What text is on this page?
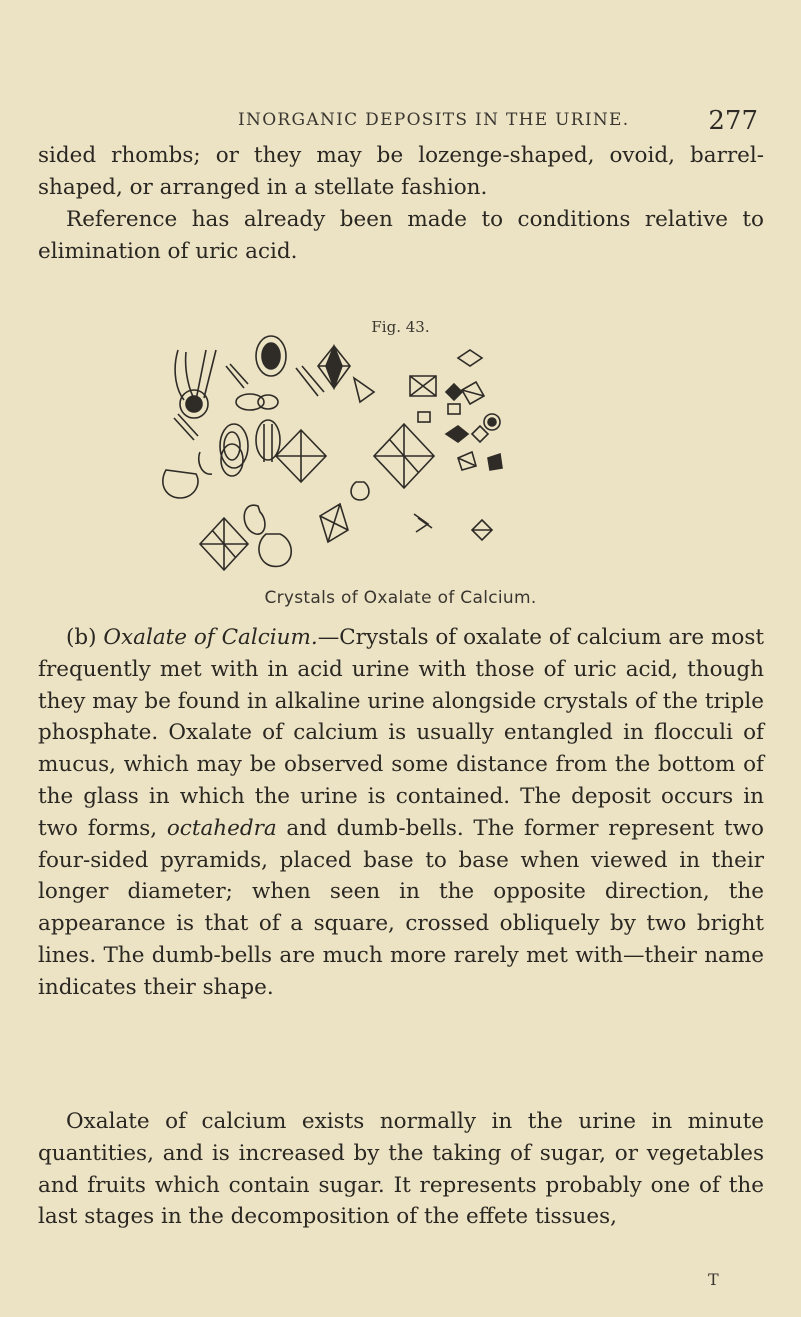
INORGANIC DEPOSITS IN THE URINE.	277

sided rhombs; or they may be lozenge-shaped, ovoid, barrel-shaped, or arranged in a stellate fashion.

Reference has already been made to conditions relative to elimination of uric acid.

Fig. 43.
Crystals of Oxalate of Calcium.

(b) Oxalate of Calcium.—Crystals of oxalate of calcium are most frequently met with in acid urine with those of uric acid, though they may be found in alkaline urine alongside crystals of the triple phosphate. Oxalate of calcium is usually entangled in flocculi of mucus, which may be observed some distance from the bottom of the glass in which the urine is contained. The deposit occurs in two forms, octahedra and dumb-bells. The former represent two four-sided pyramids, placed base to base when viewed in their longer diameter; when seen in the opposite direction, the appearance is that of a square, crossed obliquely by two bright lines. The dumb-bells are much more rarely met with—their name indicates their shape.

Oxalate of calcium exists normally in the urine in minute quantities, and is increased by the taking of sugar, or vegetables and fruits which contain sugar. It represents probably one of the last stages in the decomposition of the effete tissues,

T
